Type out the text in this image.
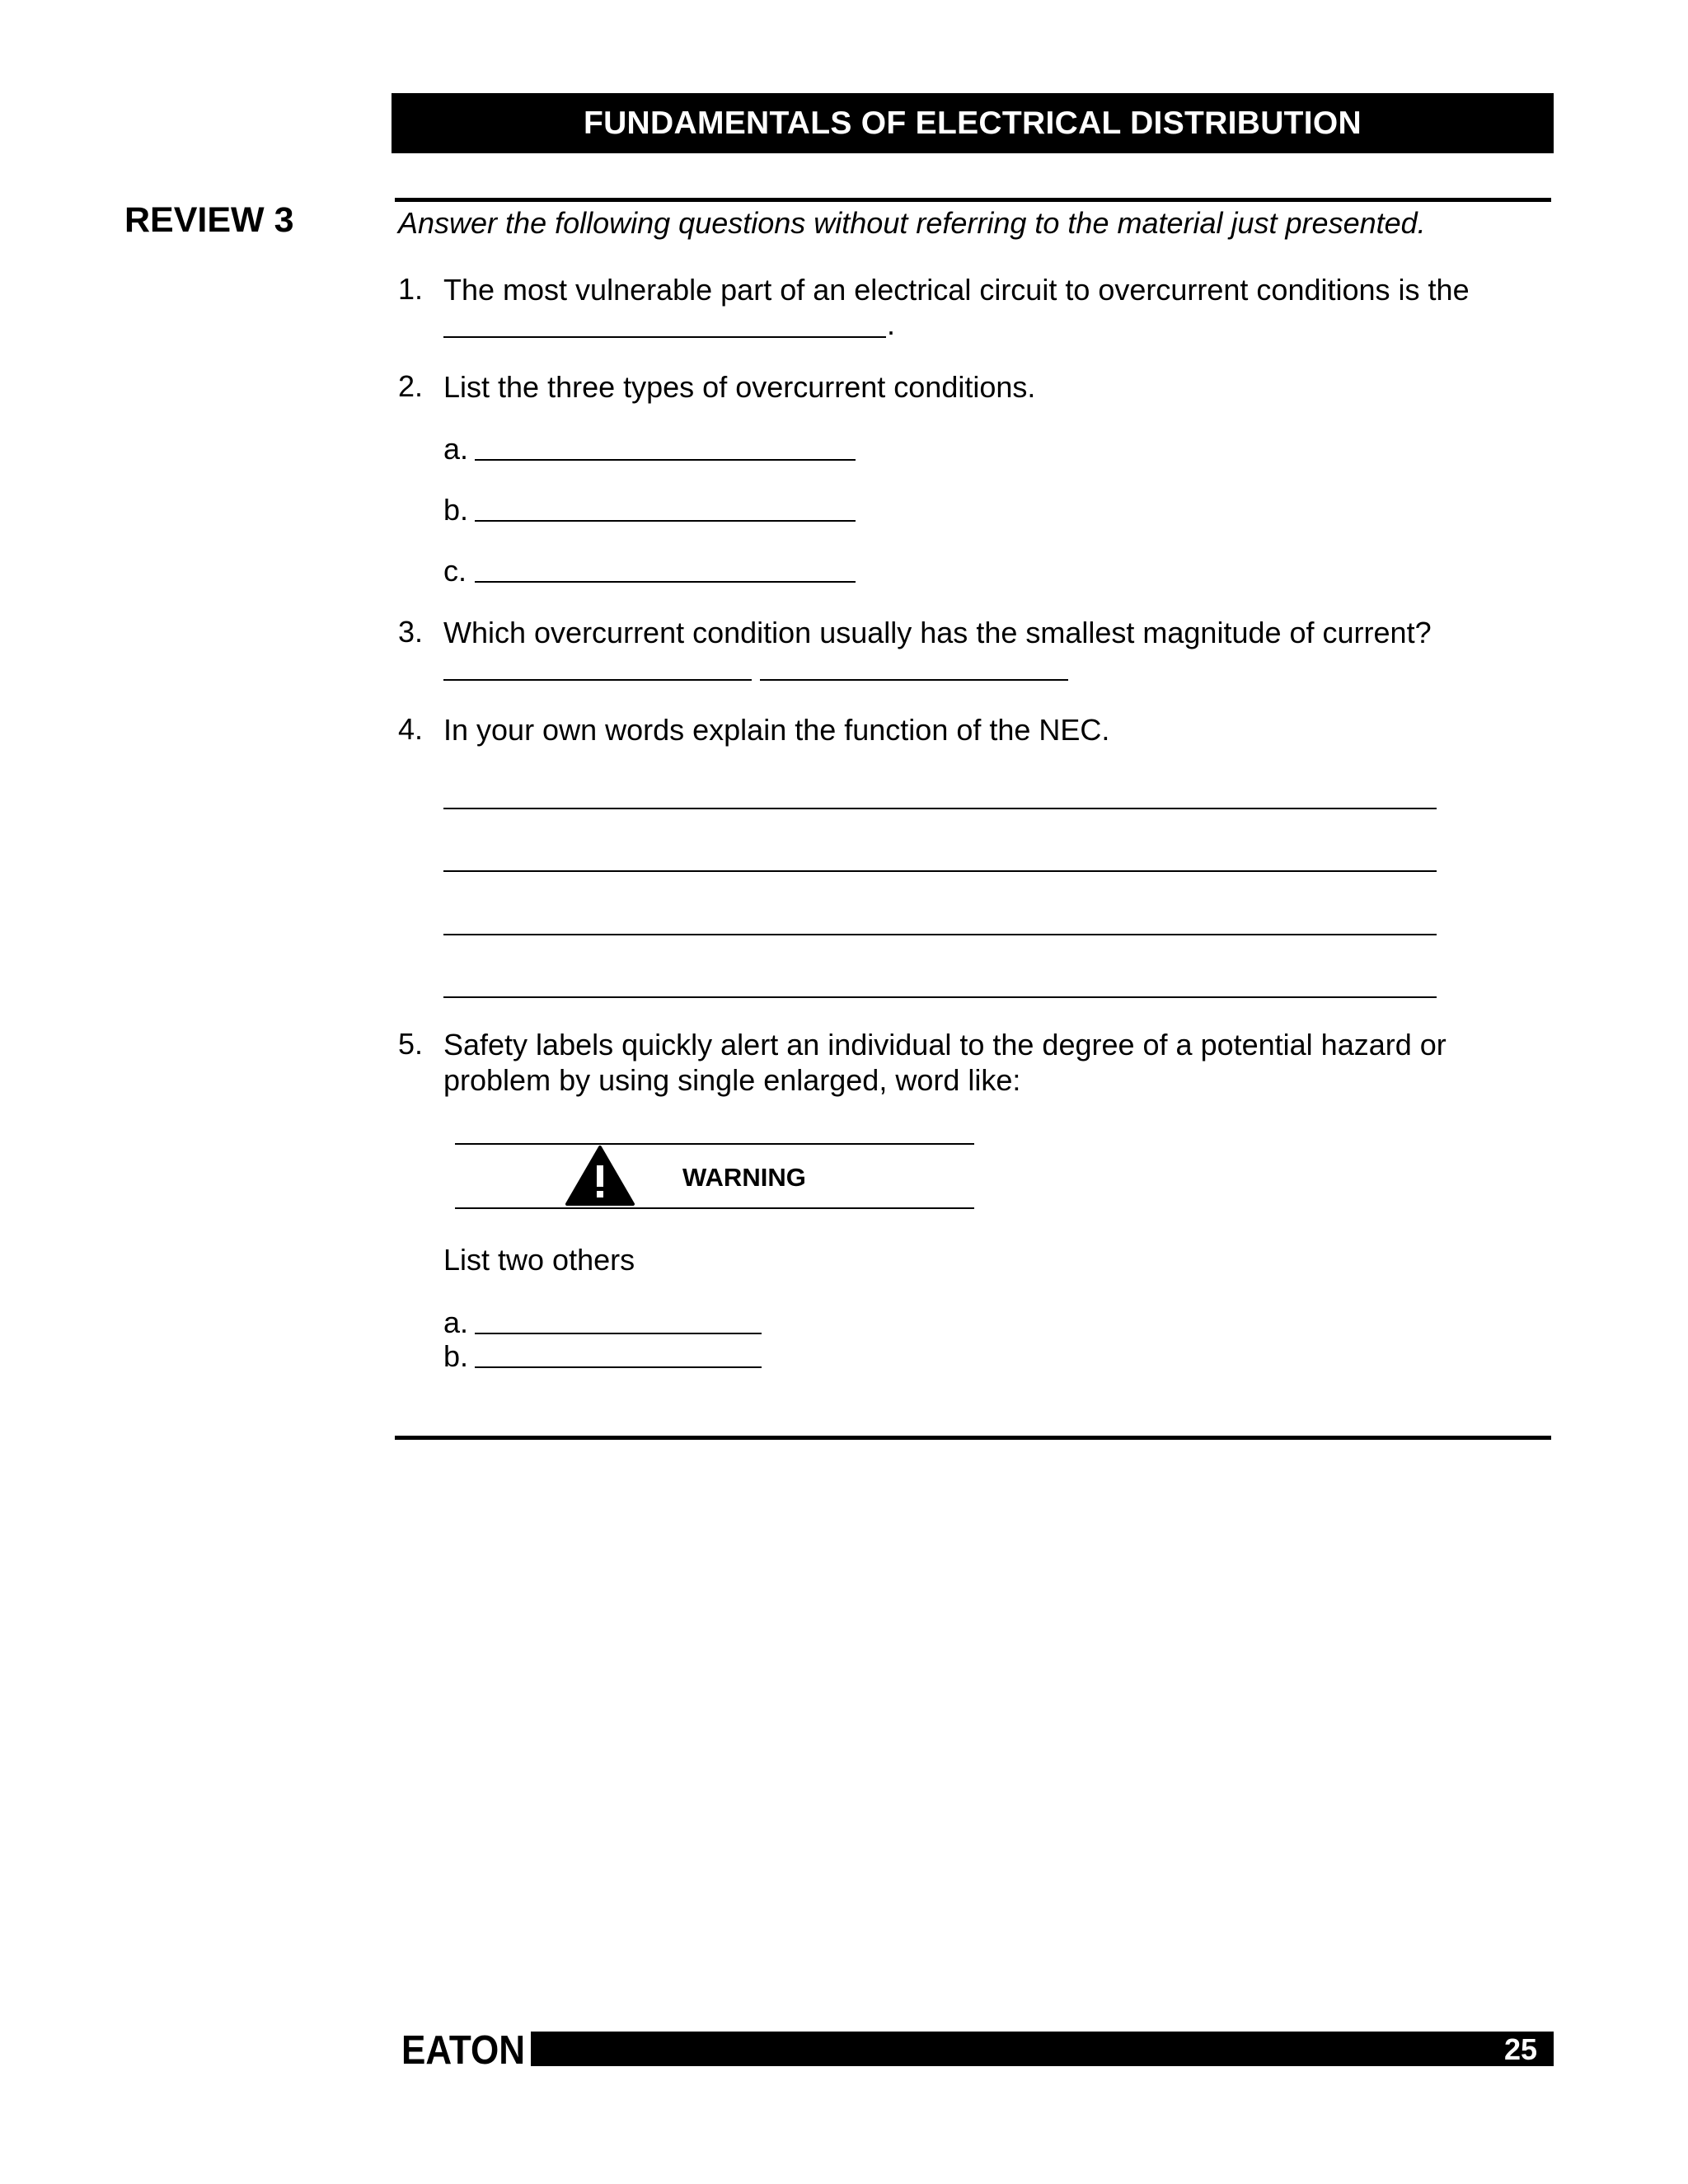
FUNDAMENTALS OF ELECTRICAL DISTRIBUTION
REVIEW 3	Answer the following questions without referring to the material just presented.
1. The most vulnerable part of an electrical circuit to overcurrent conditions is the
.
2. List the three types of overcurrent conditions.
a.
b.
c.
3. Which overcurrent condition usually has the smallest magnitude of current?
4. In your own words explain the function of the NEC.
5. Safety labels quickly alert an individual to the degree of a potential hazard or
problem by using single enlarged, word like:
WARNING
List two others
a.
b.
EATON	25
